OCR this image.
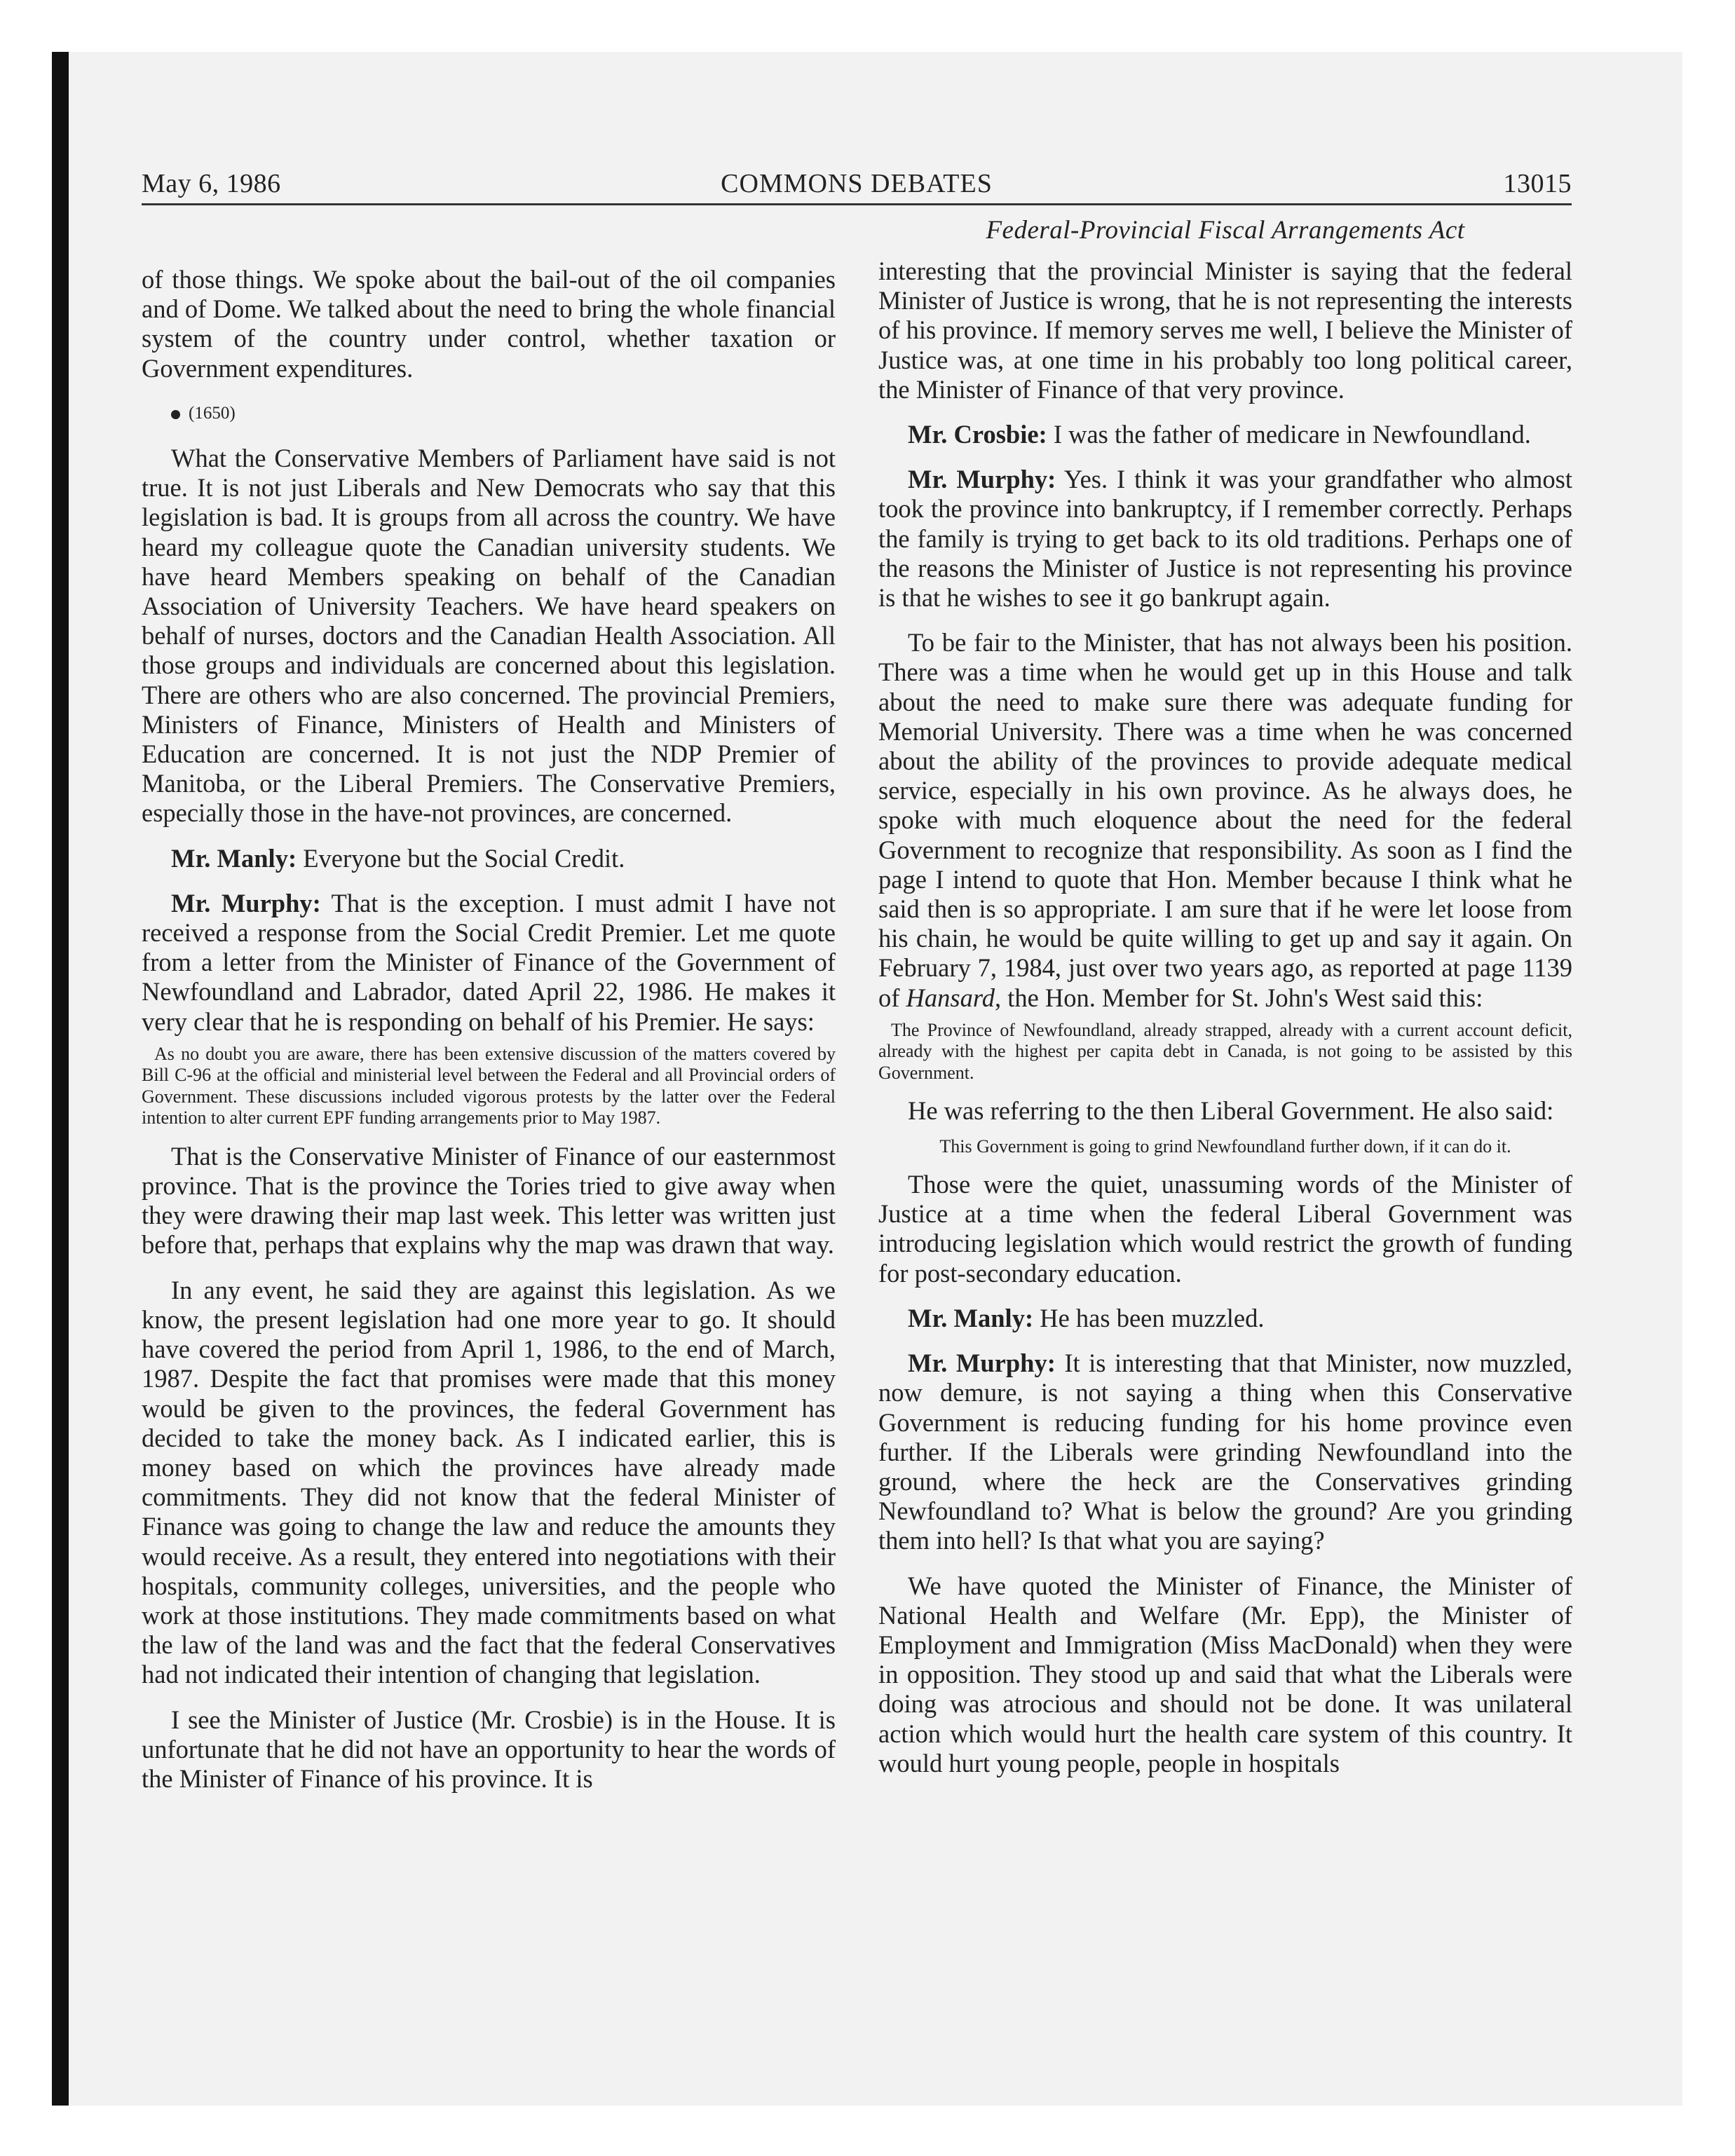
COMMONS DEBATES
May 6, 1986	13015
Federal-Provincial Fiscal Arrangements Act

of those things. We spoke about the bail-out of the oil companies and of Dome. We talked about the need to bring the whole financial system of the country under control, whether taxation or Government expenditures.

(1650)

What the Conservative Members of Parliament have said is not true. It is not just Liberals and New Democrats who say that this legislation is bad. It is groups from all across the country. We have heard my colleague quote the Canadian university students. We have heard Members speaking on behalf of the Canadian Association of University Teachers. We have heard speakers on behalf of nurses, doctors and the Canadian Health Association. All those groups and individuals are concerned about this legislation. There are others who are also concerned. The provincial Premiers, Ministers of Finance, Ministers of Health and Ministers of Education are concerned. It is not just the NDP Premier of Manitoba, or the Liberal Premiers. The Conservative Premiers, especially those in the have-not provinces, are concerned.

Mr. Manly: Everyone but the Social Credit.

Mr. Murphy: That is the exception. I must admit I have not received a response from the Social Credit Premier. Let me quote from a letter from the Minister of Finance of the Government of Newfoundland and Labrador, dated April 22, 1986. He makes it very clear that he is responding on behalf of his Premier. He says:

As no doubt you are aware, there has been extensive discussion of the matters covered by Bill C-96 at the official and ministerial level between the Federal and all Provincial orders of Government. These discussions included vigorous protests by the latter over the Federal intention to alter current EPF funding arrangements prior to May 1987.

That is the Conservative Minister of Finance of our easternmost province. That is the province the Tories tried to give away when they were drawing their map last week. This letter was written just before that, perhaps that explains why the map was drawn that way.

In any event, he said they are against this legislation. As we know, the present legislation had one more year to go. It should have covered the period from April 1, 1986, to the end of March, 1987. Despite the fact that promises were made that this money would be given to the provinces, the federal Government has decided to take the money back. As I indicated earlier, this is money based on which the provinces have already made commitments. They did not know that the federal Minister of Finance was going to change the law and reduce the amounts they would receive. As a result, they entered into negotiations with their hospitals, community colleges, universities, and the people who work at those institutions. They made commitments based on what the law of the land was and the fact that the federal Conservatives had not indicated their intention of changing that legislation.

I see the Minister of Justice (Mr. Crosbie) is in the House. It is unfortunate that he did not have an opportunity to hear the words of the Minister of Finance of his province. It is

interesting that the provincial Minister is saying that the federal Minister of Justice is wrong, that he is not representing the interests of his province. If memory serves me well, I believe the Minister of Justice was, at one time in his probably too long political career, the Minister of Finance of that very province.

Mr. Crosbie: I was the father of medicare in Newfoundland.

Mr. Murphy: Yes. I think it was your grandfather who almost took the province into bankruptcy, if I remember correctly. Perhaps the family is trying to get back to its old traditions. Perhaps one of the reasons the Minister of Justice is not representing his province is that he wishes to see it go bankrupt again.

To be fair to the Minister, that has not always been his position. There was a time when he would get up in this House and talk about the need to make sure there was adequate funding for Memorial University. There was a time when he was concerned about the ability of the provinces to provide adequate medical service, especially in his own province. As he always does, he spoke with much eloquence about the need for the federal Government to recognize that responsibility. As soon as I find the page I intend to quote that Hon. Member because I think what he said then is so appropriate. I am sure that if he were let loose from his chain, he would be quite willing to get up and say it again. On February 7, 1984, just over two years ago, as reported at page 1139 of Hansard, the Hon. Member for St. John's West said this:

The Province of Newfoundland, already strapped, already with a current account deficit, already with the highest per capita debt in Canada, is not going to be assisted by this Government.

He was referring to the then Liberal Government. He also said:

This Government is going to grind Newfoundland further down, if it can do it.

Those were the quiet, unassuming words of the Minister of Justice at a time when the federal Liberal Government was introducing legislation which would restrict the growth of funding for post-secondary education.

Mr. Manly: He has been muzzled.

Mr. Murphy: It is interesting that that Minister, now muzzled, now demure, is not saying a thing when this Conservative Government is reducing funding for his home province even further. If the Liberals were grinding Newfoundland into the ground, where the heck are the Conservatives grinding Newfoundland to? What is below the ground? Are you grinding them into hell? Is that what you are saying?

We have quoted the Minister of Finance, the Minister of National Health and Welfare (Mr. Epp), the Minister of Employment and Immigration (Miss MacDonald) when they were in opposition. They stood up and said that what the Liberals were doing was atrocious and should not be done. It was unilateral action which would hurt the health care system of this country. It would hurt young people, people in hospitals
